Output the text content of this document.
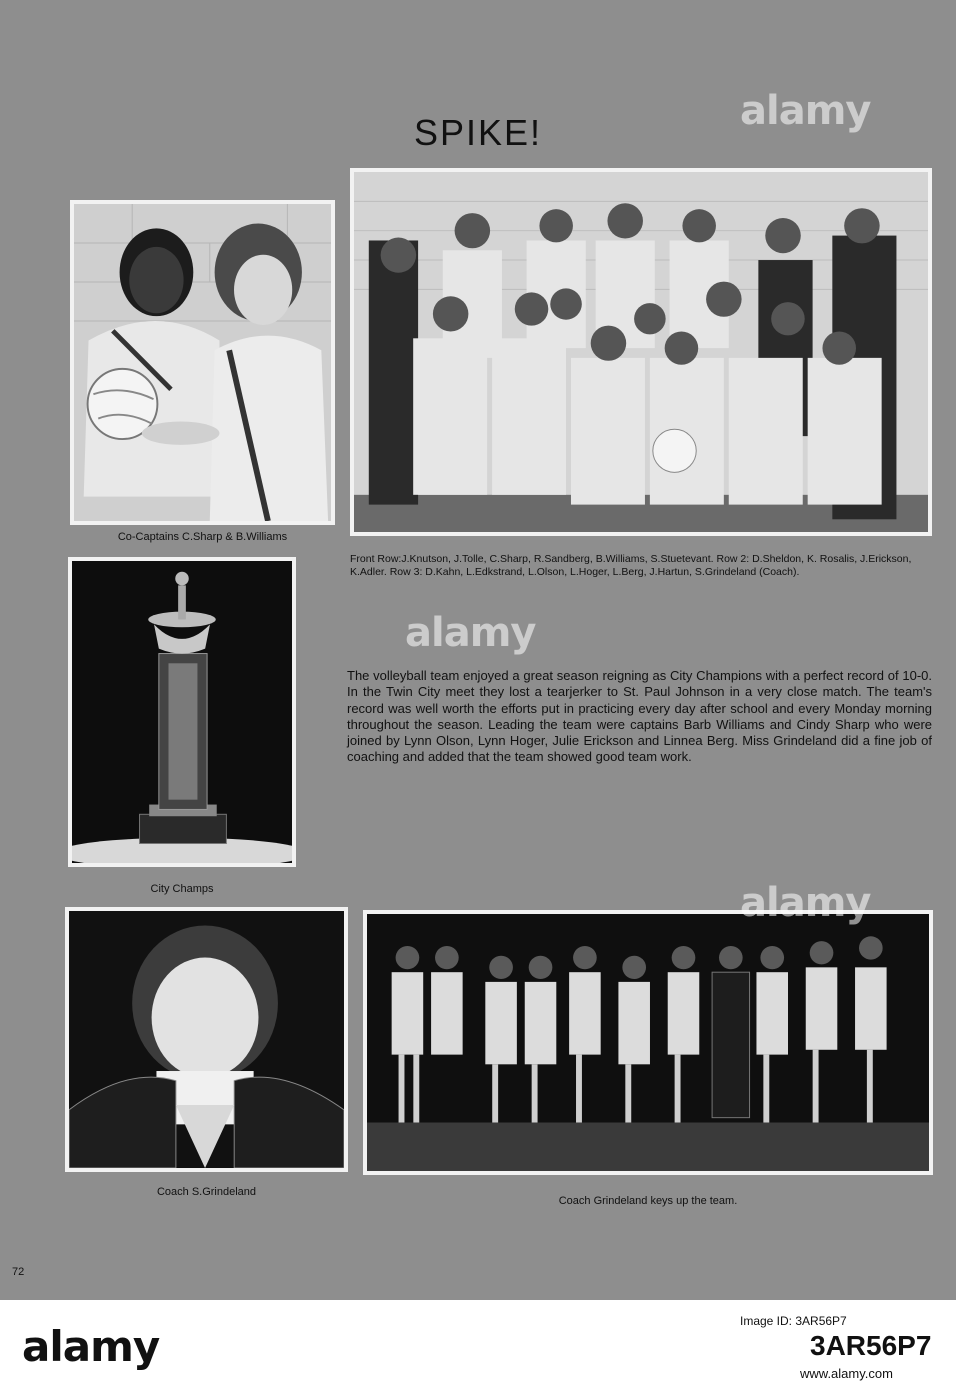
SPIKE!
Co-Captains C.Sharp & B.Williams
Front Row:J.Knutson, J.Tolle, C.Sharp, R.Sandberg, B.Williams, S.Stuetevant. Row 2: D.Sheldon, K. Rosalis, J.Erickson, K.Adler. Row 3: D.Kahn, L.Edkstrand, L.Olson, L.Hoger, L.Berg, J.Hartun, S.Grindeland (Coach).
City Champs
The volleyball team enjoyed a great season reigning as City Champions with a perfect record of 10-0. In the Twin City meet they lost a tearjerker to St. Paul Johnson in a very close match. The team's record was well worth the efforts put in practicing every day after school and every Monday morning throughout the season. Leading the team were captains Barb Williams and Cindy Sharp who were joined by Lynn Olson, Lynn Hoger, Julie Erickson and Linnea Berg. Miss Grindeland did a fine job of coaching and added that the team showed good team work.
Coach S.Grindeland
Coach Grindeland keys up the team.
72
alamy
alamy
alamy
alamy
Image ID: 3AR56P7
3AR56P7
www.alamy.com
